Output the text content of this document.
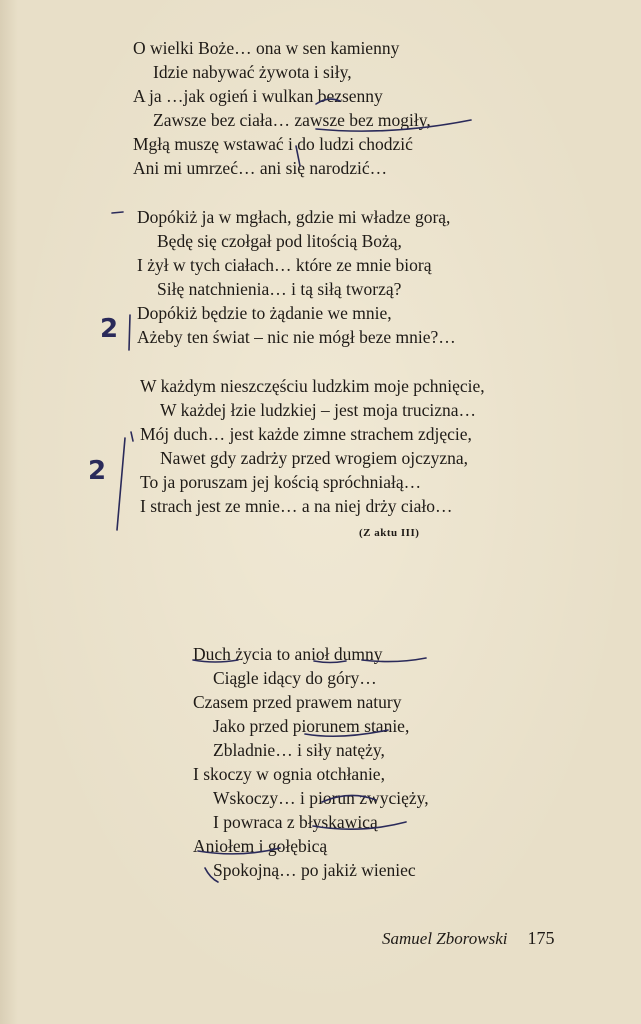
O wielki Boże… ona w sen kamienny
Idzie nabywać żywota i siły,
A ja …jak ogień i wulkan bezsenny
Zawsze bez ciała… zawsze bez mogiły,
Mgłą muszę wstawać i do ludzi chodzić
Ani mi umrzeć… ani się narodzić…
Dopókiż ja w mgłach, gdzie mi władze gorą,
Będę się czołgał pod litością Bożą,
I żył w tych ciałach… które ze mnie biorą
Siłę natchnienia… i tą siłą tworzą?
Dopókiż będzie to żądanie we mnie,
Ażeby ten świat – nic nie mógł beze mnie?…
W każdym nieszczęściu ludzkim moje pchnięcie,
W każdej łzie ludzkiej – jest moja trucizna…
Mój duch… jest każde zimne strachem zdjęcie,
Nawet gdy zadrży przed wrogiem ojczyzna,
To ja poruszam jej kością spróchniałą…
I strach jest ze mnie… a na niej drży ciało…
(Z aktu III)
Duch życia to anioł dumny
Ciągle idący do góry…
Czasem przed prawem natury
Jako przed piorunem stanie,
Zbladnie… i siły natęży,
I skoczy w ognia otchłanie,
Wskoczy… i piorun zwycięży,
I powraca z błyskawicą
Aniołem i gołębicą
Spokojną… po jakiż wieniec
Samuel Zborowski 175
2
2
